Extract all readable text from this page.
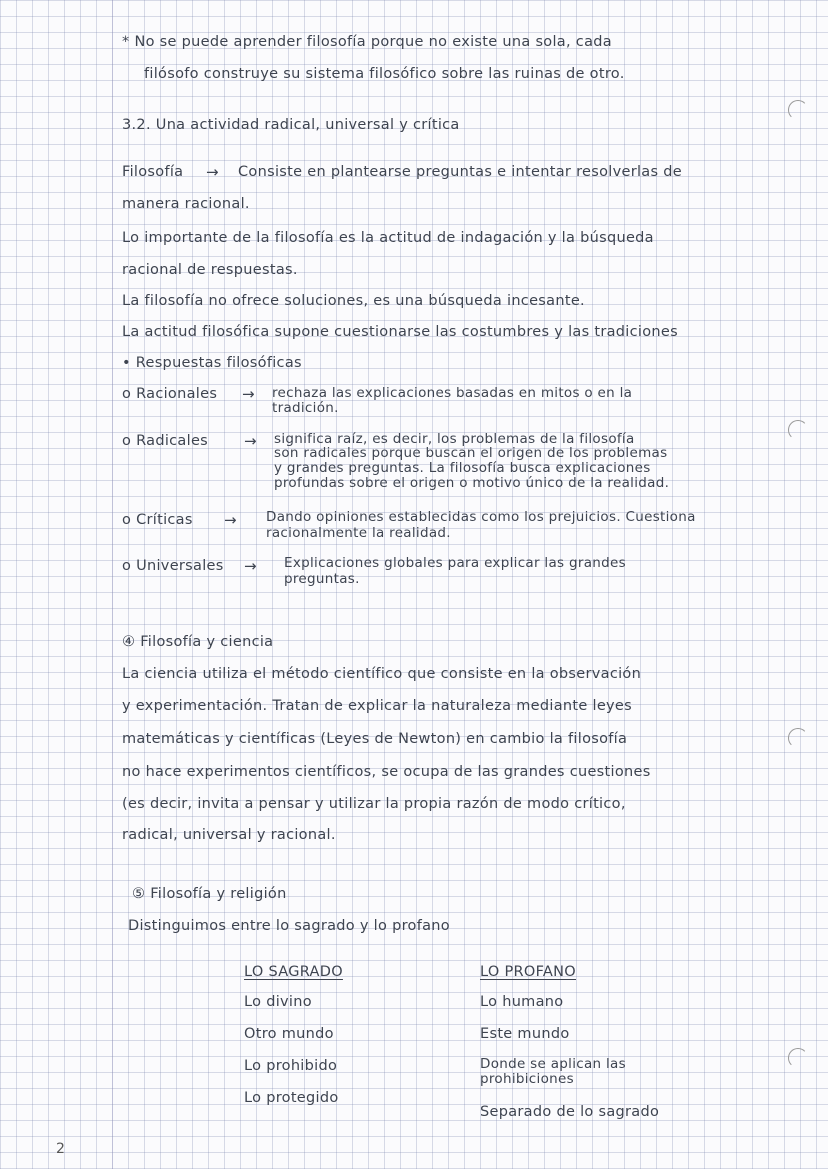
* No se puede aprender filosofía porque no existe una sola, cada
filósofo construye su sistema filosófico sobre las ruinas de otro.
3.2. Una actividad radical, universal y crítica
Filosofía → Consiste en plantearse preguntas e intentar resolverlas de
manera racional.
Lo importante de la filosofía es la actitud de indagación y la búsqueda
racional de respuestas.
La filosofía no ofrece soluciones, es una búsqueda incesante.
La actitud filosófica supone cuestionarse las costumbres y las tradiciones
• Respuestas filosóficas
o Racionales → rechaza las explicaciones basadas en mitos o en la
tradición.
o Radicales → significa raíz, es decir, los problemas de la filosofía
son radicales porque buscan el origen de los problemas
y grandes preguntas. La filosofía busca explicaciones
profundas sobre el origen o motivo único de la realidad.
o Críticas → Dando opiniones establecidas como los prejuicios. Cuestiona
racionalmente la realidad.
o Universales → Explicaciones globales para explicar las grandes
preguntas.
④ Filosofía y ciencia
La ciencia utiliza el método científico que consiste en la observación
y experimentación. Tratan de explicar la naturaleza mediante leyes
matemáticas y científicas (Leyes de Newton) en cambio la filosofía
no hace experimentos científicos, se ocupa de las grandes cuestiones
(es decir, invita a pensar y utilizar la propia razón de modo crítico,
radical, universal y racional.
⑤ Filosofía y religión
Distinguimos entre lo sagrado y lo profano
LO SAGRADO	LO PROFANO
Lo divino
Otro mundo
Lo prohibido
Lo protegido
Lo humano
Este mundo
Donde se aplican las
prohibiciones
Separado de lo sagrado
2
